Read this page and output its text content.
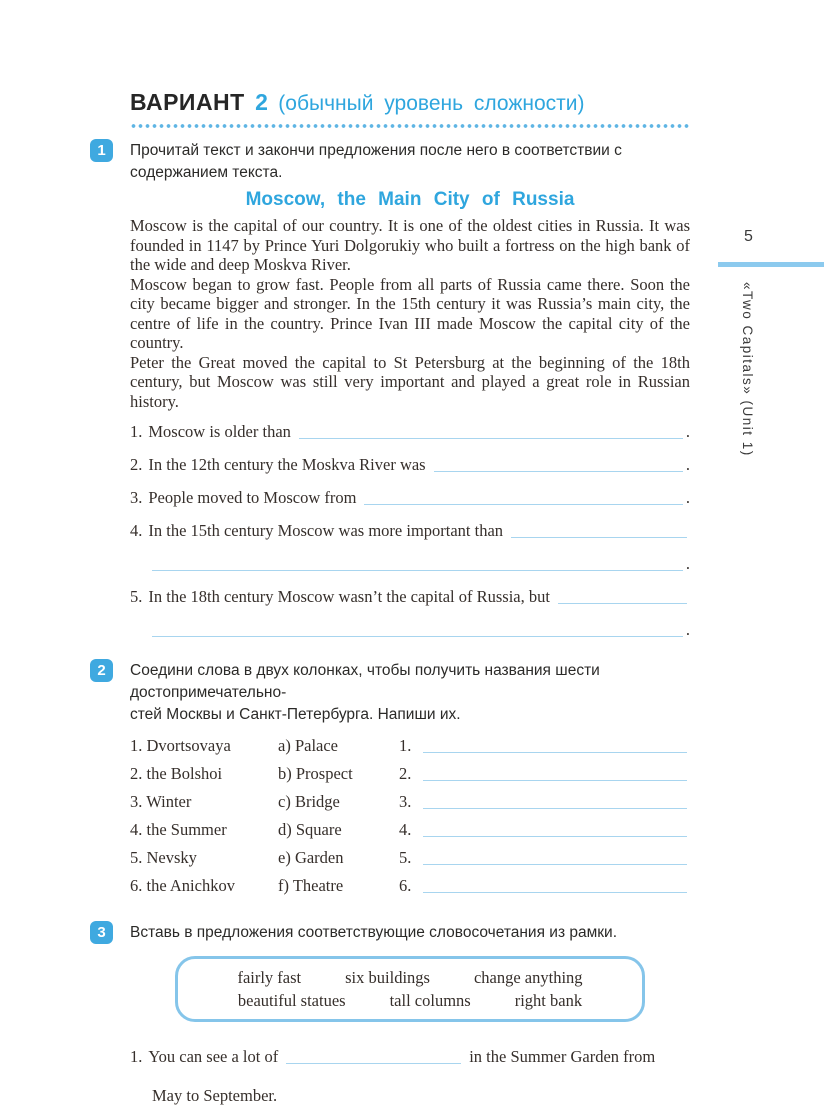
5
«Two Capitals» (Unit 1)
ВАРИАНТ 2 (обычный уровень сложности)
1	Прочитай текст и закончи предложения после него в соответствии с содержанием текста.

Moscow, the Main City of Russia

Moscow is the capital of our country. It is one of the oldest cities in Russia. It was founded in 1147 by Prince Yuri Dolgorukiy who built a fortress on the high bank of the wide and deep Moskva River.

Moscow began to grow fast. People from all parts of Russia came there. Soon the city became bigger and stronger. In the 15th century it was Russia’s main city, the centre of life in the country. Prince Ivan III made Moscow the capital city of the country.

Peter the Great moved the capital to St Petersburg at the beginning of the 18th century, but Moscow was still very important and played a great role in Russian history.

1. Moscow is older than	.
2. In the 12th century the Moskva River was	.
3. People moved to Moscow from	.
4. In the 15th century Moscow was more important than
.
5. In the 18th century Moscow wasn’t the capital of Russia, but
.
2	Соедини слова в двух колонках, чтобы получить названия шести достопримечательно-

стей Москвы и Санкт-Петербурга. Напиши их.

1. Dvortsovaya	a) Palace	1.
2. the Bolshoi	b) Prospect	2.
3. Winter	c) Bridge	3.
4. the Summer	d) Square	4.
5. Nevsky	e) Garden	5.
6. the Anichkov	f) Theatre	6.
3	Вставь в предложения соответствующие словосочетания из рамки.

fairly fast	six buildings	change anything
beautiful statues	tall columns	right bank
1. You can see a lot of	in the Summer Garden from
May to September.
